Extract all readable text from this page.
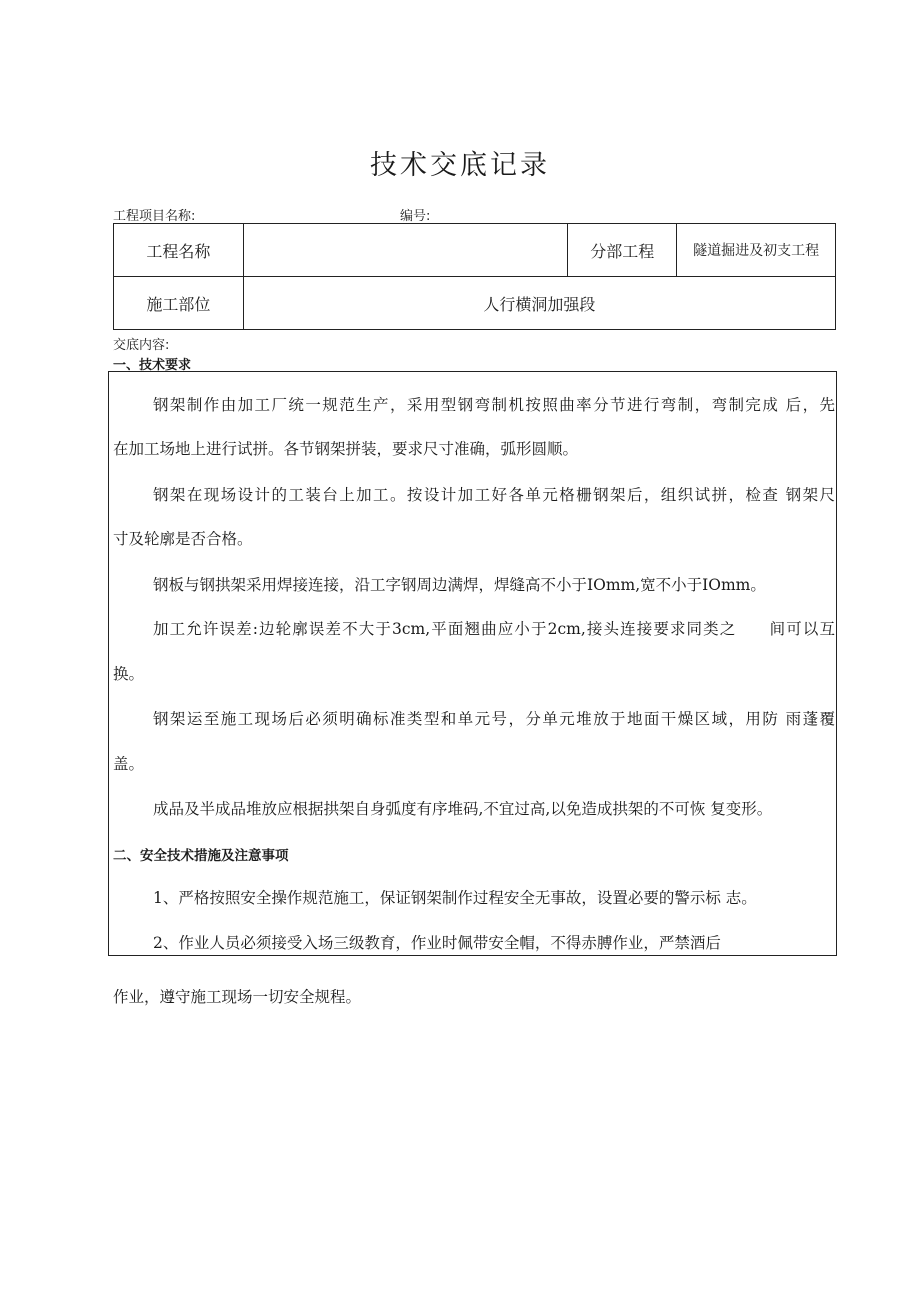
技术交底记录
工程项目名称:	编号:
工程名称		分部工程	隧道掘进及初支工程
施工部位	人行横洞加强段		
交底内容:
一、技术要求
钢架制作由加工厂统一规范生产，采用型钢弯制机按照曲率分节进行弯制，弯制完成 后，先
在加工场地上进行试拼。各节钢架拼装，要求尺寸准确，弧形圆顺。
钢架在现场设计的工装台上加工。按设计加工好各单元格栅钢架后，组织试拼，检查 钢架尺
寸及轮廓是否合格。
钢板与钢拱架采用焊接连接，沿工字钢周边满焊，焊缝高不小于IOmm,宽不小于IOmm。
加工允许误差:边轮廓误差不大于3cm,平面翘曲应小于2cm,接头连接要求同类之　　间可以互
换。
钢架运至施工现场后必须明确标准类型和单元号，分单元堆放于地面干燥区域，用防 雨蓬覆
盖。
成品及半成品堆放应根据拱架自身弧度有序堆码,不宜过高,以免造成拱架的不可恢 复变形。
二、安全技术措施及注意事项
1、严格按照安全操作规范施工，保证钢架制作过程安全无事故，设置必要的警示标 志。
2、作业人员必须接受入场三级教育，作业时佩带安全帽，不得赤膊作业，严禁酒后
作业，遵守施工现场一切安全规程。
